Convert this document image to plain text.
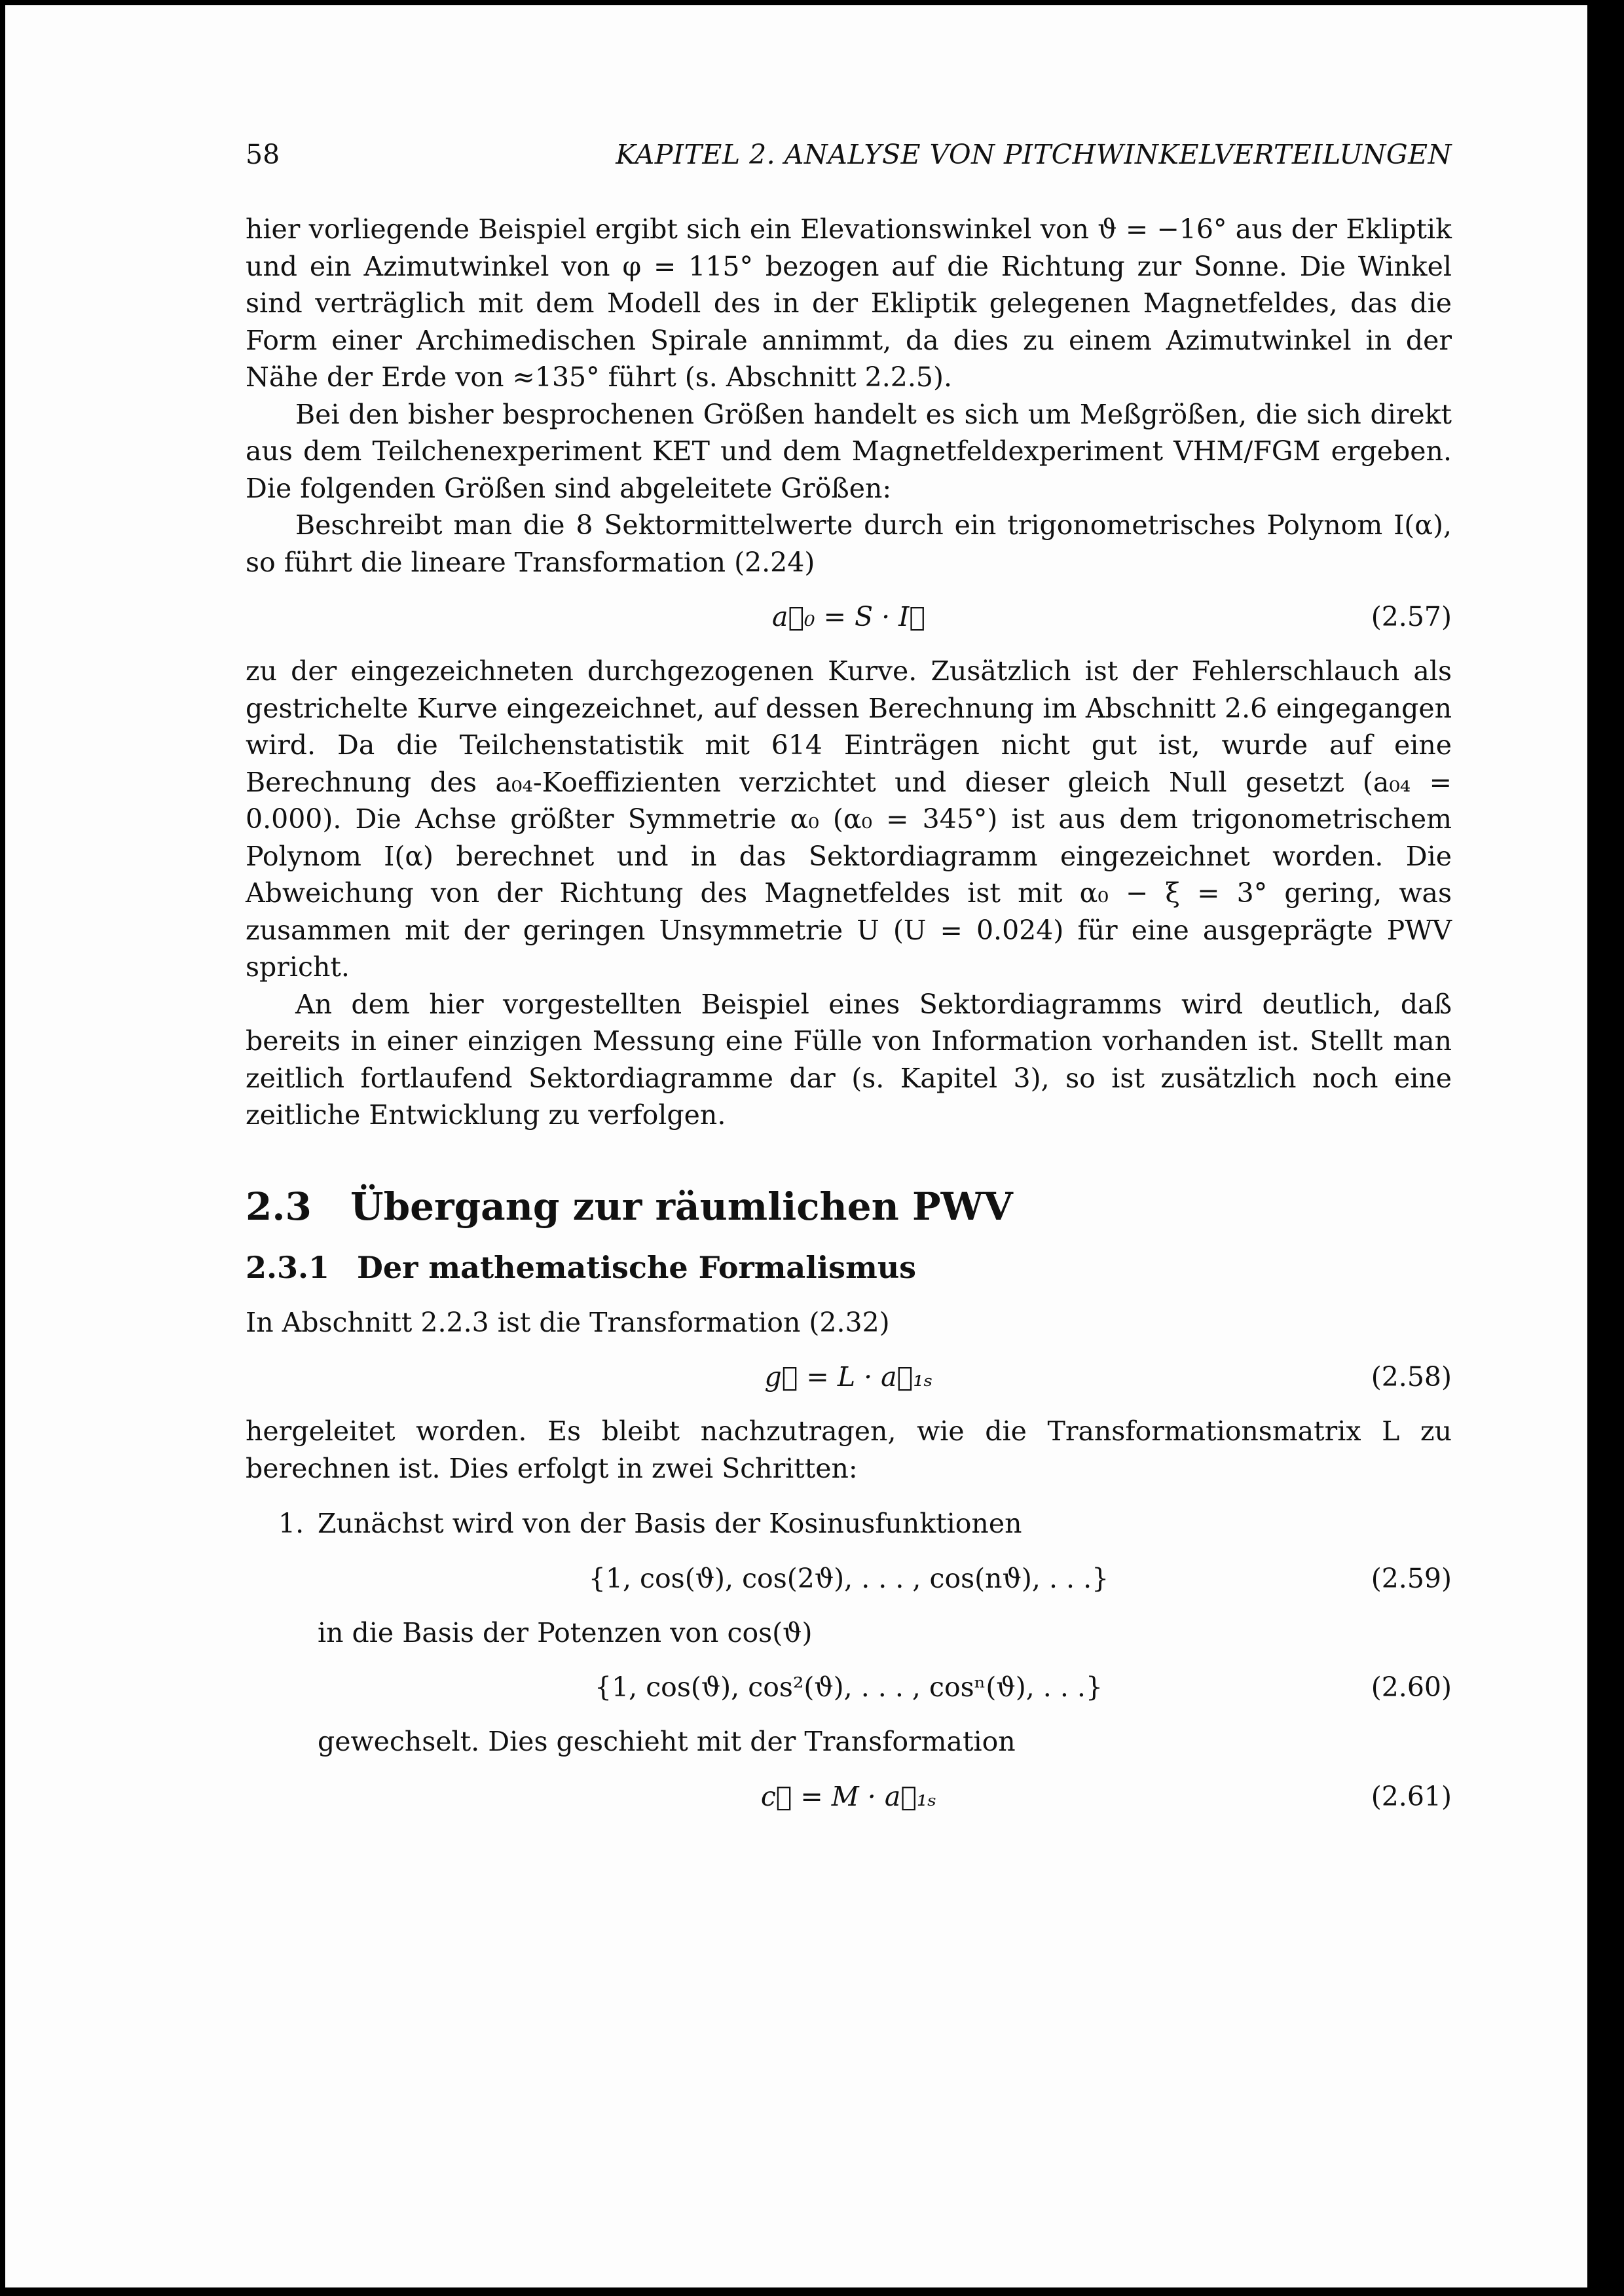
58	KAPITEL 2. ANALYSE VON PITCHWINKELVERTEILUNGEN

hier vorliegende Beispiel ergibt sich ein Elevationswinkel von ϑ = −16° aus der Ekliptik und ein Azimutwinkel von φ = 115° bezogen auf die Richtung zur Sonne. Die Winkel sind verträglich mit dem Modell des in der Ekliptik gelegenen Magnetfeldes, das die Form einer Archimedischen Spirale annimmt, da dies zu einem Azimutwinkel in der Nähe der Erde von ≈135° führt (s. Abschnitt 2.2.5).

Bei den bisher besprochenen Größen handelt es sich um Meßgrößen, die sich direkt aus dem Teilchenexperiment KET und dem Magnetfeldexperiment VHM/FGM ergeben. Die folgenden Größen sind abgeleitete Größen:

Beschreibt man die 8 Sektormittelwerte durch ein trigonometrisches Polynom I(α), so führt die lineare Transformation (2.24)

a⃗₀ = S · I⃗	(2.57)

zu der eingezeichneten durchgezogenen Kurve. Zusätzlich ist der Fehlerschlauch als gestrichelte Kurve eingezeichnet, auf dessen Berechnung im Abschnitt 2.6 eingegangen wird. Da die Teilchenstatistik mit 614 Einträgen nicht gut ist, wurde auf eine Berechnung des a₀₄-Koeffizienten verzichtet und dieser gleich Null gesetzt (a₀₄ = 0.000). Die Achse größter Symmetrie α₀ (α₀ = 345°) ist aus dem trigonometrischem Polynom I(α) berechnet und in das Sektordiagramm eingezeichnet worden. Die Abweichung von der Richtung des Magnetfeldes ist mit α₀ − ξ = 3° gering, was zusammen mit der geringen Unsymmetrie U (U = 0.024) für eine ausgeprägte PWV spricht.

An dem hier vorgestellten Beispiel eines Sektordiagramms wird deutlich, daß bereits in einer einzigen Messung eine Fülle von Information vorhanden ist. Stellt man zeitlich fortlaufend Sektordiagramme dar (s. Kapitel 3), so ist zusätzlich noch eine zeitliche Entwicklung zu verfolgen.

2.3 Übergang zur räumlichen PWV
2.3.1 Der mathematische Formalismus

In Abschnitt 2.2.3 ist die Transformation (2.32)

g⃗ = L · a⃗₁ₛ	(2.58)

hergeleitet worden. Es bleibt nachzutragen, wie die Transformationsmatrix L zu berechnen ist. Dies erfolgt in zwei Schritten:

1. Zunächst wird von der Basis der Kosinusfunktionen

{1, cos(ϑ), cos(2ϑ), . . . , cos(nϑ), . . .}	(2.59)

in die Basis der Potenzen von cos(ϑ)

{1, cos(ϑ), cos²(ϑ), . . . , cosⁿ(ϑ), . . .}	(2.60)

gewechselt. Dies geschieht mit der Transformation

c⃗ = M · a⃗₁ₛ	(2.61)
